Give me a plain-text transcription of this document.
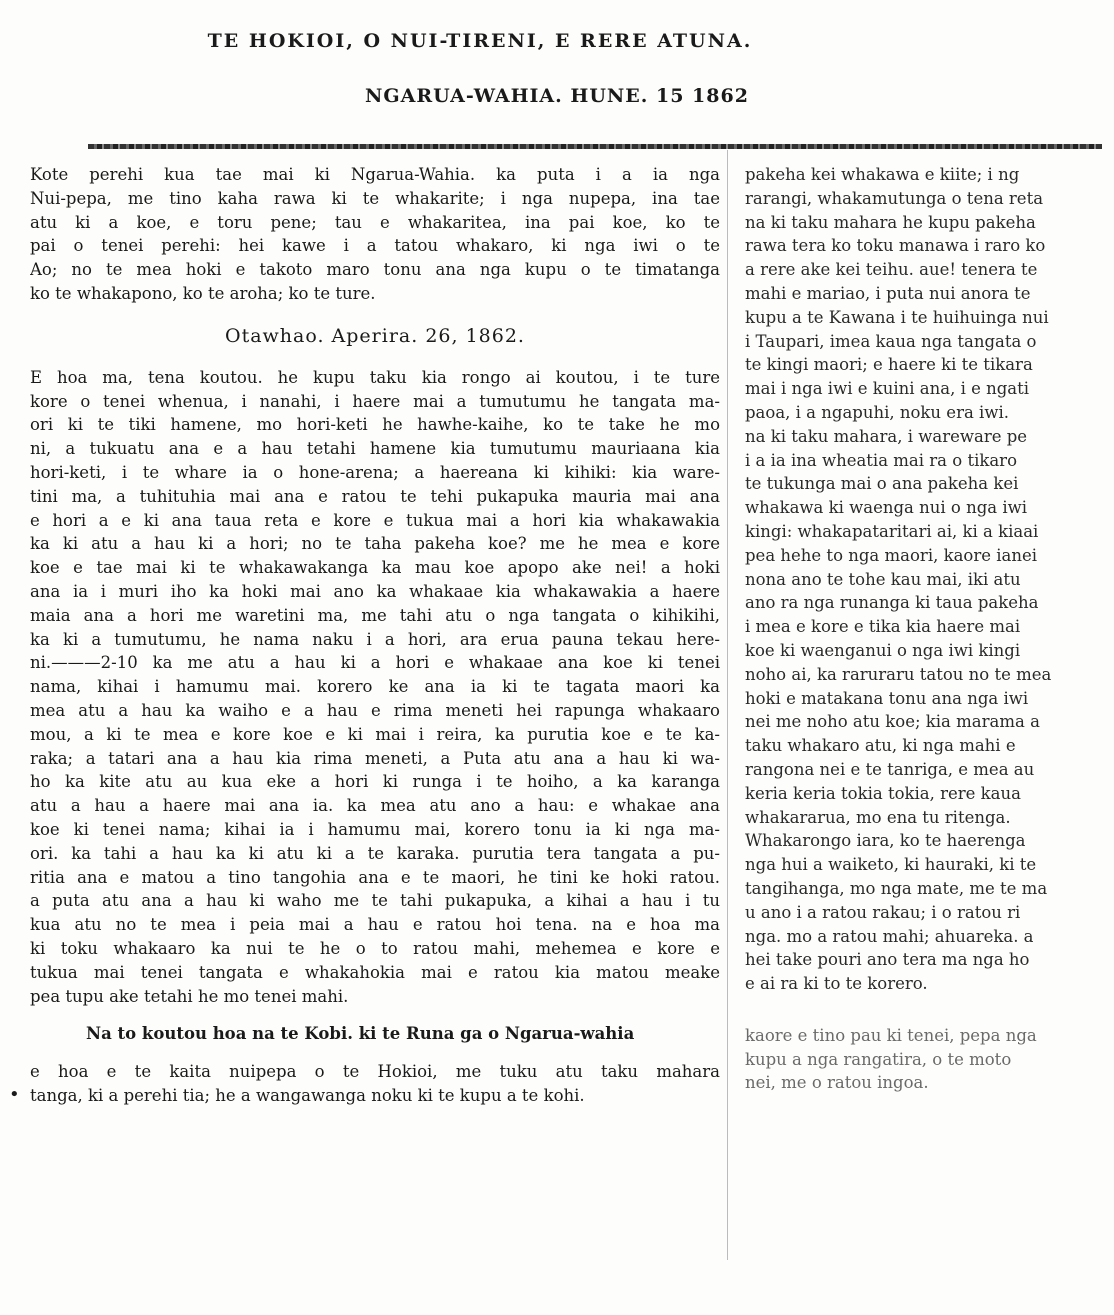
TE HOKIOI, O NUI-TIRENI, E RERE ATUNA.
NGARUA-WAHIA. HUNE. 15 1862
•
Kote perehi kua tae mai ki Ngarua-Wahia. ka puta i a ia nga
Nui-pepa, me tino kaha rawa ki te whakarite; i nga nupepa, ina tae
atu ki a koe, e toru pene; tau e whakaritea, ina pai koe, ko te
pai o tenei perehi: hei kawe i a tatou whakaro, ki nga iwi o te
Ao; no te mea hoki e takoto maro tonu ana nga kupu o te timatanga
ko te whakapono, ko te aroha; ko te ture.
Otawhao. Aperira. 26, 1862.
E hoa ma, tena koutou. he kupu taku kia rongo ai koutou, i te ture
kore o tenei whenua, i nanahi, i haere mai a tumutumu he tangata ma-
ori ki te tiki hamene, mo hori-keti he hawhe-kaihe, ko te take he mo
ni, a tukuatu ana e a hau tetahi hamene kia tumutumu mauriaana kia
hori-keti, i te whare ia o hone-arena; a haereana ki kihiki: kia ware-
tini ma, a tuhituhia mai ana e ratou te tehi pukapuka mauria mai ana
e hori a e ki ana taua reta e kore e tukua mai a hori kia whakawakia
ka ki atu a hau ki a hori; no te taha pakeha koe? me he mea e kore
koe e tae mai ki te whakawakanga ka mau koe apopo ake nei! a hoki
ana ia i muri iho ka hoki mai ano ka whakaae kia whakawakia a haere
maia ana a hori me waretini ma, me tahi atu o nga tangata o kihikihi,
ka ki a tumutumu, he nama naku i a hori, ara erua pauna tekau here-
ni.———2-10 ka me atu a hau ki a hori e whakaae ana koe ki tenei
nama, kihai i hamumu mai. korero ke ana ia ki te tagata maori ka
mea atu a hau ka waiho e a hau e rima meneti hei rapunga whakaaro
mou, a ki te mea e kore koe e ki mai i reira, ka purutia koe e te ka-
raka; a tatari ana a hau kia rima meneti, a Puta atu ana a hau ki wa-
ho ka kite atu au kua eke a hori ki runga i te hoiho, a ka karanga
atu a hau a haere mai ana ia. ka mea atu ano a hau: e whakae ana
koe ki tenei nama; kihai ia i hamumu mai, korero tonu ia ki nga ma-
ori. ka tahi a hau ka ki atu ki a te karaka. purutia tera tangata a pu-
ritia ana e matou a tino tangohia ana e te maori, he tini ke hoki ratou.
a puta atu ana a hau ki waho me te tahi pukapuka, a kihai a hau i tu
kua atu no te mea i peia mai a hau e ratou hoi tena. na e hoa ma
ki toku whakaaro ka nui te he o to ratou mahi, mehemea e kore e
tukua mai tenei tangata e whakahokia mai e ratou kia matou meake
pea tupu ake tetahi he mo tenei mahi.
Na to koutou hoa na te Kobi. ki te Runa ga o Ngarua-wahia
e hoa e te kaita nuipepa o te Hokioi, me tuku atu taku mahara
tanga, ki a perehi tia; he a wangawanga noku ki te kupu a te kohi.
pakeha kei whakawa e kiite; i ng
rarangi, whakamutunga o tena reta
na ki taku mahara he kupu pakeha
rawa tera ko toku manawa i raro ko
a rere ake kei teihu. aue! tenera te
mahi e mariao, i puta nui anora te
kupu a te Kawana i te huihuinga nui
i Taupari, imea kaua nga tangata o
te kingi maori; e haere ki te tikara
mai i nga iwi e kuini ana, i e ngati
paoa, i a ngapuhi, noku era iwi.
na ki taku mahara, i wareware pe
i a ia ina wheatia mai ra o tikaro
te tukunga mai o ana pakeha kei
whakawa ki waenga nui o nga iwi
kingi: whakapataritari ai, ki a kiaai
pea hehe to nga maori, kaore ianei
nona ano te tohe kau mai, iki atu
ano ra nga runanga ki taua pakeha
i mea e kore e tika kia haere mai
koe ki waenganui o nga iwi kingi
noho ai, ka raruraru tatou no te mea
hoki e matakana tonu ana nga iwi
nei me noho atu koe; kia marama a
taku whakaro atu, ki nga mahi e
rangona nei e te tanriga, e mea au
keria keria tokia tokia, rere kaua
whakararua, mo ena tu ritenga.
Whakarongo iara, ko te haerenga
nga hui a waiketo, ki hauraki, ki te
tangihanga, mo nga mate, me te ma
u ano i a ratou rakau; i o ratou ri
nga. mo a ratou mahi; ahuareka. a
hei take pouri ano tera ma nga ho
e ai ra ki to te korero.
kaore e tino pau ki tenei, pepa nga
kupu a nga rangatira, o te moto
nei, me o ratou ingoa.
